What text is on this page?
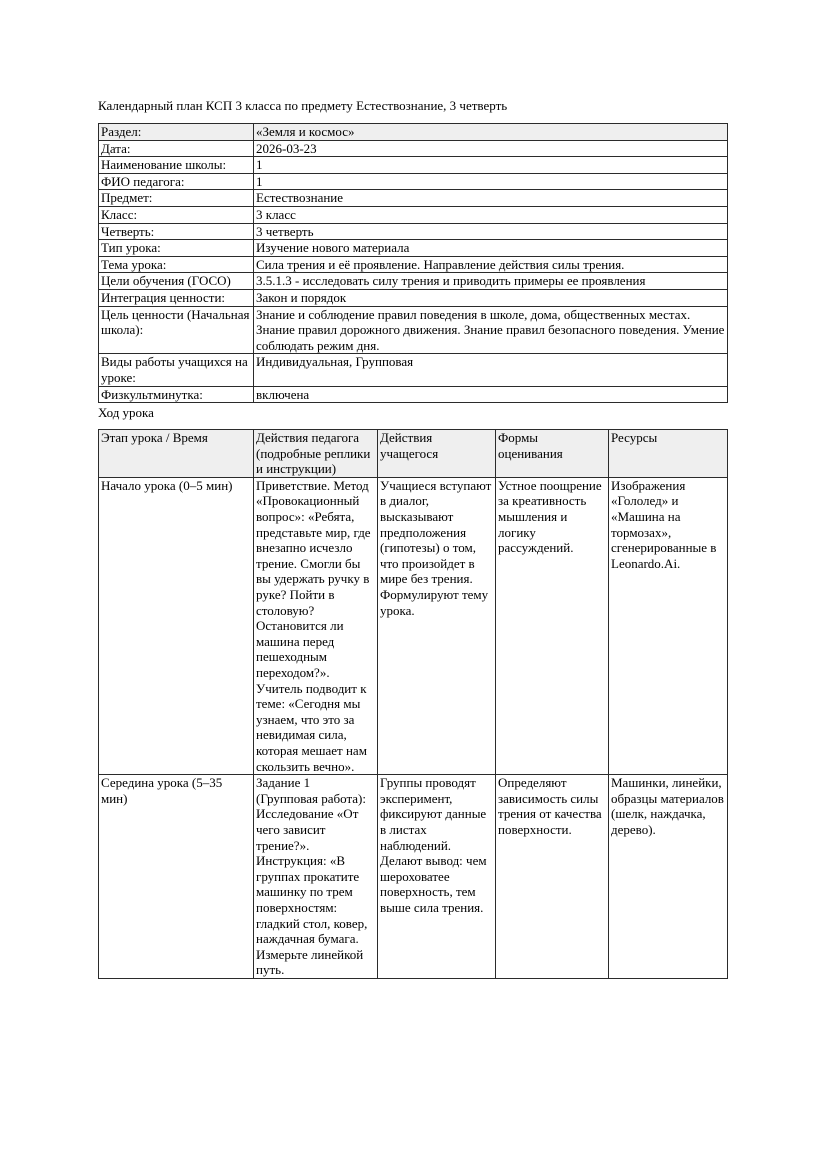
Календарный план КСП 3 класса по предмету Естествознание, 3 четверть

Раздел:	«Земля и космос»
Дата:	2026-03-23
Наименование школы:	1
ФИО педагога:	1
Предмет:	Естествознание
Класс:	3 класс
Четверть:	3 четверть
Тип урока:	Изучение нового материала
Тема урока:	Сила трения и её проявление. Направление действия силы трения.
Цели обучения (ГОСО)	3.5.1.3 - исследовать силу трения и приводить примеры ее проявления
Интеграция ценности:	Закон и порядок
Цель ценности (Начальная школа):	Знание и соблюдение правил поведения в школе, дома, общественных местах. Знание правил дорожного движения. Знание правил безопасного поведения. Умение соблюдать режим дня.
Виды работы учащихся на уроке:	Индивидуальная, Групповая
Физкультминутка:	включена

Ход урока

Этап урока / Время	Действия педагога (подробные реплики и инструкции)	Действия учащегося	Формы оценивания	Ресурсы
Начало урока (0–5 мин)	Приветствие. Метод «Провокационный вопрос»: «Ребята, представьте мир, где внезапно исчезло трение. Смогли бы вы удержать ручку в руке? Пойти в столовую? Остановится ли машина перед пешеходным переходом?». Учитель подводит к теме: «Сегодня мы узнаем, что это за невидимая сила, которая мешает нам скользить вечно».	Учащиеся вступают в диалог, высказывают предположения (гипотезы) о том, что произойдет в мире без трения. Формулируют тему урока.	Устное поощрение за креативность мышления и логику рассуждений.	Изображения «Гололед» и «Машина на тормозах», сгенерированные в Leonardo.Ai.
Середина урока (5–35 мин)	Задание 1 (Групповая работа): Исследование «От чего зависит трение?». Инструкция: «В группах прокатите машинку по трем поверхностям: гладкий стол, ковер, наждачная бумага. Измерьте линейкой путь.	Группы проводят эксперимент, фиксируют данные в листах наблюдений. Делают вывод: чем шероховатее поверхность, тем выше сила трения.	Определяют зависимость силы трения от качества поверхности.	Машинки, линейки, образцы материалов (шелк, наждачка, дерево).
